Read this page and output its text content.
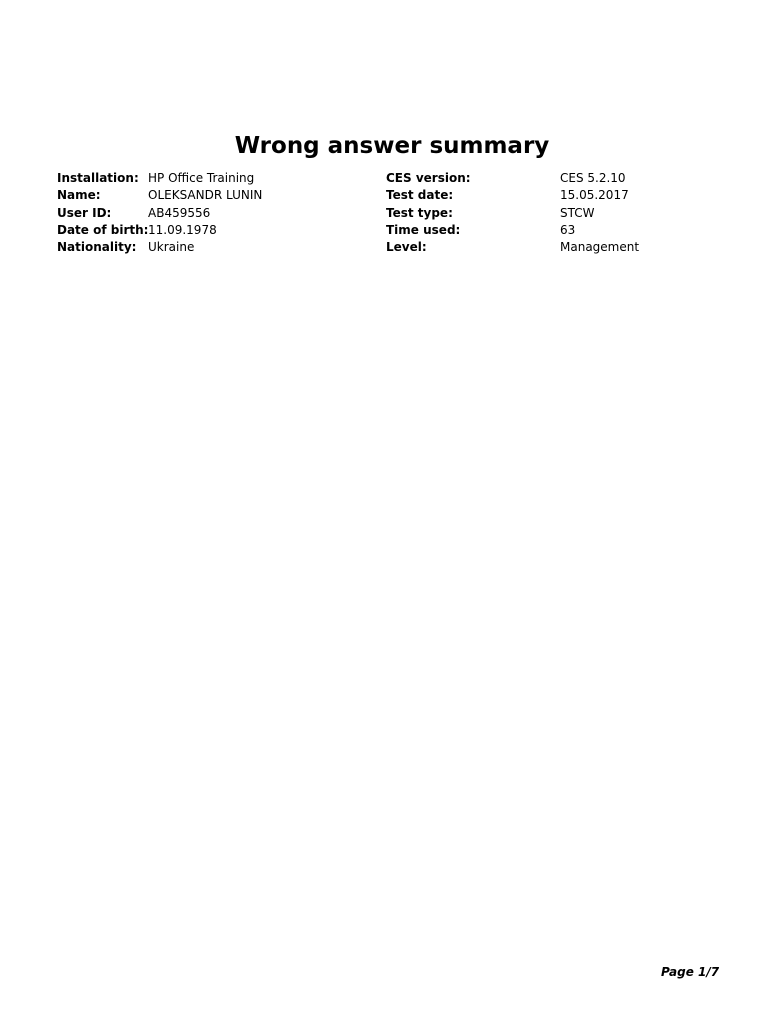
Wrong answer summary
Installation: HP Office Training	CES version:	CES 5.2.10
Name:	OLEKSANDR LUNIN	Test date:	15.05.2017
User ID:	AB459556	Test type:	STCW
Date of birth: 11.09.1978	Time used:	63
Nationality: Ukraine	Level:	Management
Page 1/7
